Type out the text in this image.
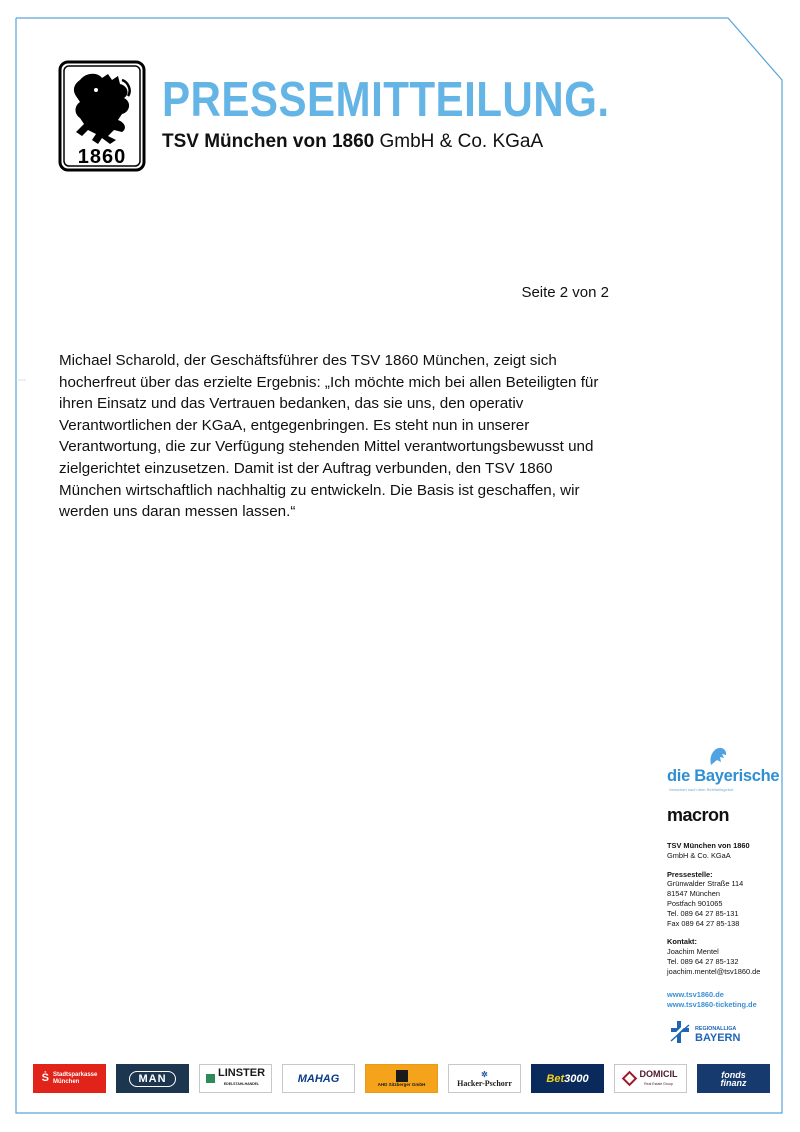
1860
PRESSEMITTEILUNG.
TSV München von 1860 GmbH & Co. KGaA
Seite 2 von 2
Michael Scharold, der Geschäftsführer des TSV 1860 München, zeigt sich hocherfreut über das erzielte Ergebnis: „Ich möchte mich bei allen Beteiligten für ihren Einsatz und das Vertrauen bedanken, das sie uns, den operativ Verantwortlichen der KGaA, entgegenbringen. Es steht nun in unserer Verantwortung, die zur Verfügung stehenden Mittel verantwortungsbewusst und zielgerichtet einzusetzen. Damit ist der Auftrag verbunden, den TSV 1860 München wirtschaftlich nachhaltig zu entwickeln. Die Basis ist geschaffen, wir werden uns daran messen lassen.“
die Bayerische
Versichert nach dem Reinheitsgebot
macron
TSV München von 1860
GmbH & Co. KGaA
Pressestelle:
Grünwalder Straße 114
81547 München
Postfach 901065
Tel. 089 64 27 85-131
Fax 089 64 27 85-138
Kontakt:
Joachim Mentel
Tel. 089 64 27 85-132
joachim.mentel@tsv1860.de
www.tsv1860.de
www.tsv1860-ticketing.de
REGIONALLIGA
BAYERN
Ṡ Stadtsparkasse
München	MAN	LINSTER
EDELSTAHLHANDEL	MAHAG	AHD Sitzberger GmbH
✲
Hacker-Pschorr	Bet 3000	DOMICIL
Real Estate Group
fonds
finanz
